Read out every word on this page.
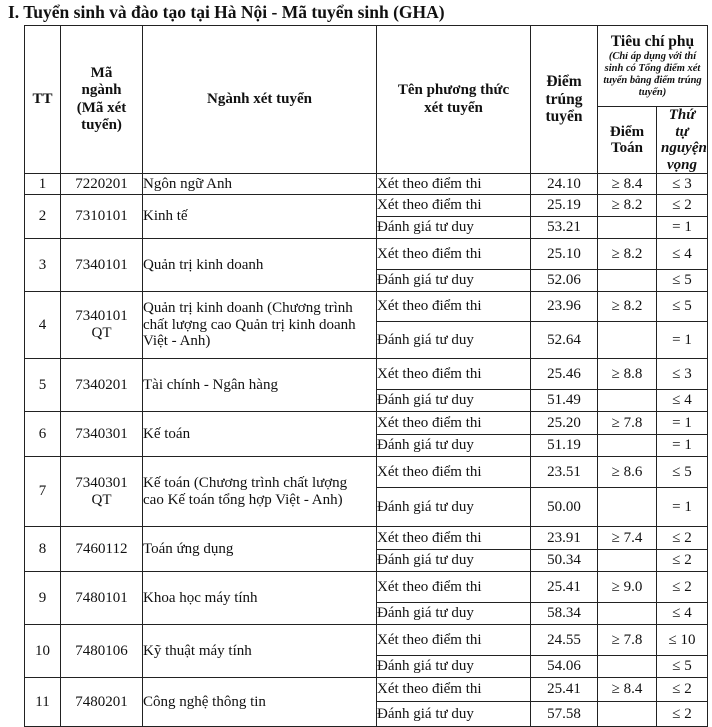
I. Tuyển sinh và đào tạo tại Hà Nội - Mã tuyển sinh (GHA)
TT	Mã ngành (Mã xét tuyển)	Ngành xét tuyển	Tên phương thức xét tuyển	Điểm trúng tuyển	Tiêu chí phụ
(Chỉ áp dụng với thí sinh có Tổng điểm xét tuyển bằng điểm trúng tuyển)	

					Điểm Toán	Thứ tự nguyện vọng
1	7220201	Ngôn ngữ Anh	Xét theo điểm thi	24.10	≥ 8.4	≤ 3
2	7310101	Kinh tế	Xét theo điểm thi	25.19	≥ 8.2	≤ 2
			Đánh giá tư duy	53.21		= 1
3	7340101	Quản trị kinh doanh	Xét theo điểm thi	25.10	≥ 8.2	≤ 4
			Đánh giá tư duy	52.06		≤ 5
4	7340101 QT	Quản trị kinh doanh (Chương trình chất lượng cao Quản trị kinh doanh Việt - Anh)	Xét theo điểm thi	23.96	≥ 8.2	≤ 5
			Đánh giá tư duy	52.64		= 1
5	7340201	Tài chính - Ngân hàng	Xét theo điểm thi	25.46	≥ 8.8	≤ 3
			Đánh giá tư duy	51.49		≤ 4
6	7340301	Kế toán	Xét theo điểm thi	25.20	≥ 7.8	= 1
			Đánh giá tư duy	51.19		= 1
7	7340301 QT	Kế toán (Chương trình chất lượng cao Kế toán tổng hợp Việt - Anh)	Xét theo điểm thi	23.51	≥ 8.6	≤ 5
			Đánh giá tư duy	50.00		= 1
8	7460112	Toán ứng dụng	Xét theo điểm thi	23.91	≥ 7.4	≤ 2
			Đánh giá tư duy	50.34		≤ 2
9	7480101	Khoa học máy tính	Xét theo điểm thi	25.41	≥ 9.0	≤ 2
			Đánh giá tư duy	58.34		≤ 4
10	7480106	Kỹ thuật máy tính	Xét theo điểm thi	24.55	≥ 7.8	≤ 10
			Đánh giá tư duy	54.06		≤ 5
11	7480201	Công nghệ thông tin	Xét theo điểm thi	25.41	≥ 8.4	≤ 2
			Đánh giá tư duy	57.58		≤ 2
